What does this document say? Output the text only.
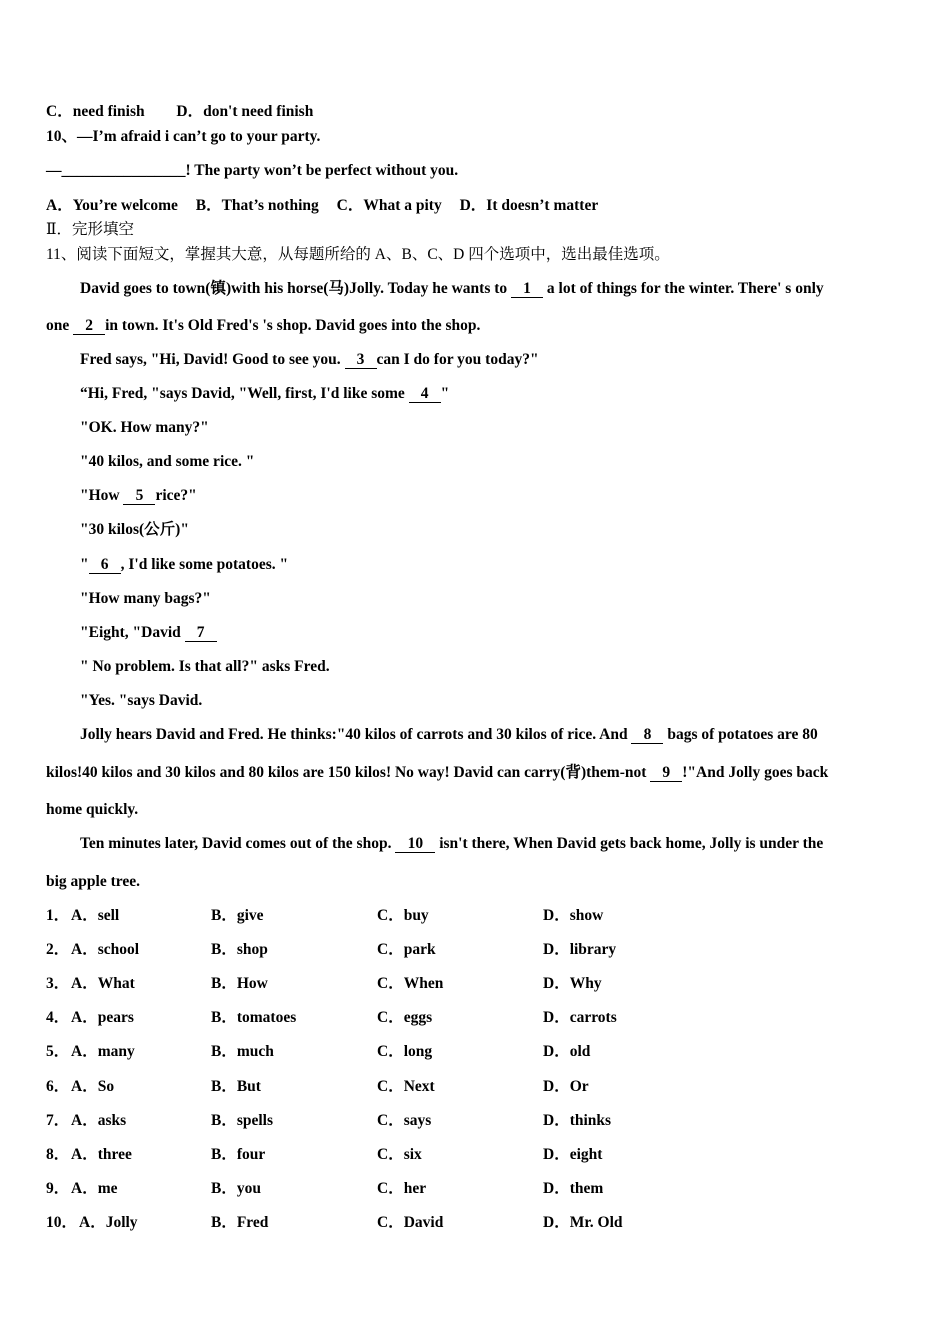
C．need finish D．don't need finish
10、—I’m afraid i can’t go to your party.
—________________! The party won’t be perfect without you.
A．You’re welcome B．That’s nothing C．What a pity D．It doesn’t matter
Ⅱ．完形填空
11、阅读下面短文，掌握其大意，从每题所给的 A、B、C、D 四个选项中，选出最佳选项。
David goes to town(镇)with his horse(马)Jolly. Today he wants to 1 a lot of things for the winter. There' s only
one 2 in town. It's Old Fred's 's shop. David goes into the shop.
Fred says, "Hi, David! Good to see you. 3 can I do for you today?"
“Hi, Fred, "says David, "Well, first, I'd like some 4 "
"OK. How many?"
"40 kilos, and some rice. "
"How 5 rice?"
"30 kilos(公斤)"
" 6 , I'd like some potatoes. "
"How many bags?"
"Eight, "David 7
" No problem. Is that all?" asks Fred.
"Yes. "says David.
Jolly hears David and Fred. He thinks:"40 kilos of carrots and 30 kilos of rice. And 8 bags of potatoes are 80
kilos!40 kilos and 30 kilos and 80 kilos are 150 kilos! No way! David can carry(背)them-not 9 !"And Jolly goes back
home quickly.
Ten minutes later, David comes out of the shop. 10 isn't there, When David gets back home, Jolly is under the
big apple tree.
1． A．sell	B．give	C．buy	D．show
2． A．school	B．shop	C．park	D．library
3． A．What	B．How	C．When	D．Why
4． A．pears	B．tomatoes	C．eggs	D．carrots
5． A．many	B．much	C．long	D．old
6． A．So	B．But	C．Next	D．Or
7． A．asks	B．spells	C．says	D．thinks
8． A．three	B．four	C．six	D．eight
9． A．me	B．you	C．her	D．them
10． A．Jolly	B．Fred	C．David	D．Mr. Old
